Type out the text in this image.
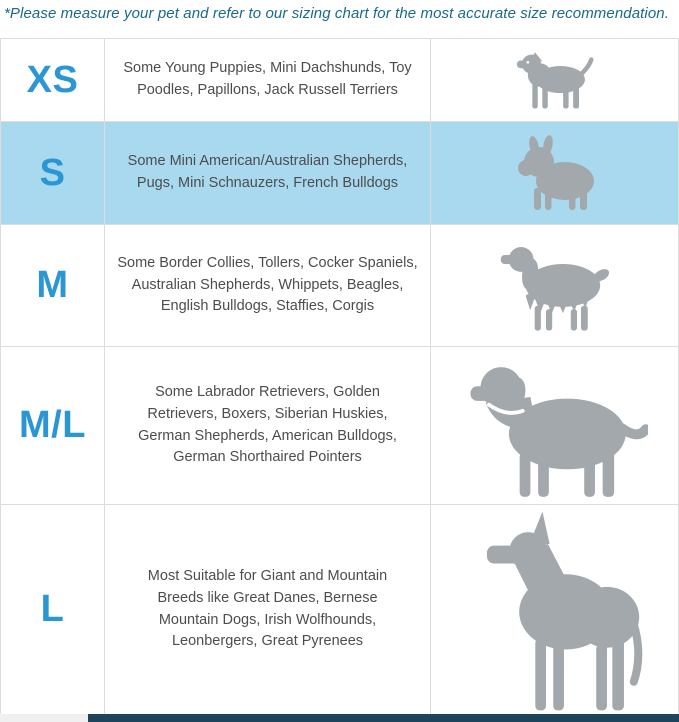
*Please measure your pet and refer to our sizing chart for the most accurate size recommendation.
XS	Some Young Puppies, Mini Dachshunds, Toy Poodles, Papillons, Jack Russell Terriers
S	Some Mini American/Australian Shepherds, Pugs, Mini Schnauzers, French Bulldogs
M
Some Border Collies, Tollers, Cocker Spaniels, Australian Shepherds, Whippets, Beagles, English Bulldogs, Staffies, Corgis
M/L
Some Labrador Retrievers, Golden Retrievers, Boxers, Siberian Huskies, German Shepherds, American Bulldogs, German Shorthaired Pointers
L
Most Suitable for Giant and Mountain Breeds like Great Danes, Bernese Mountain Dogs, Irish Wolfhounds, Leonbergers, Great Pyrenees
